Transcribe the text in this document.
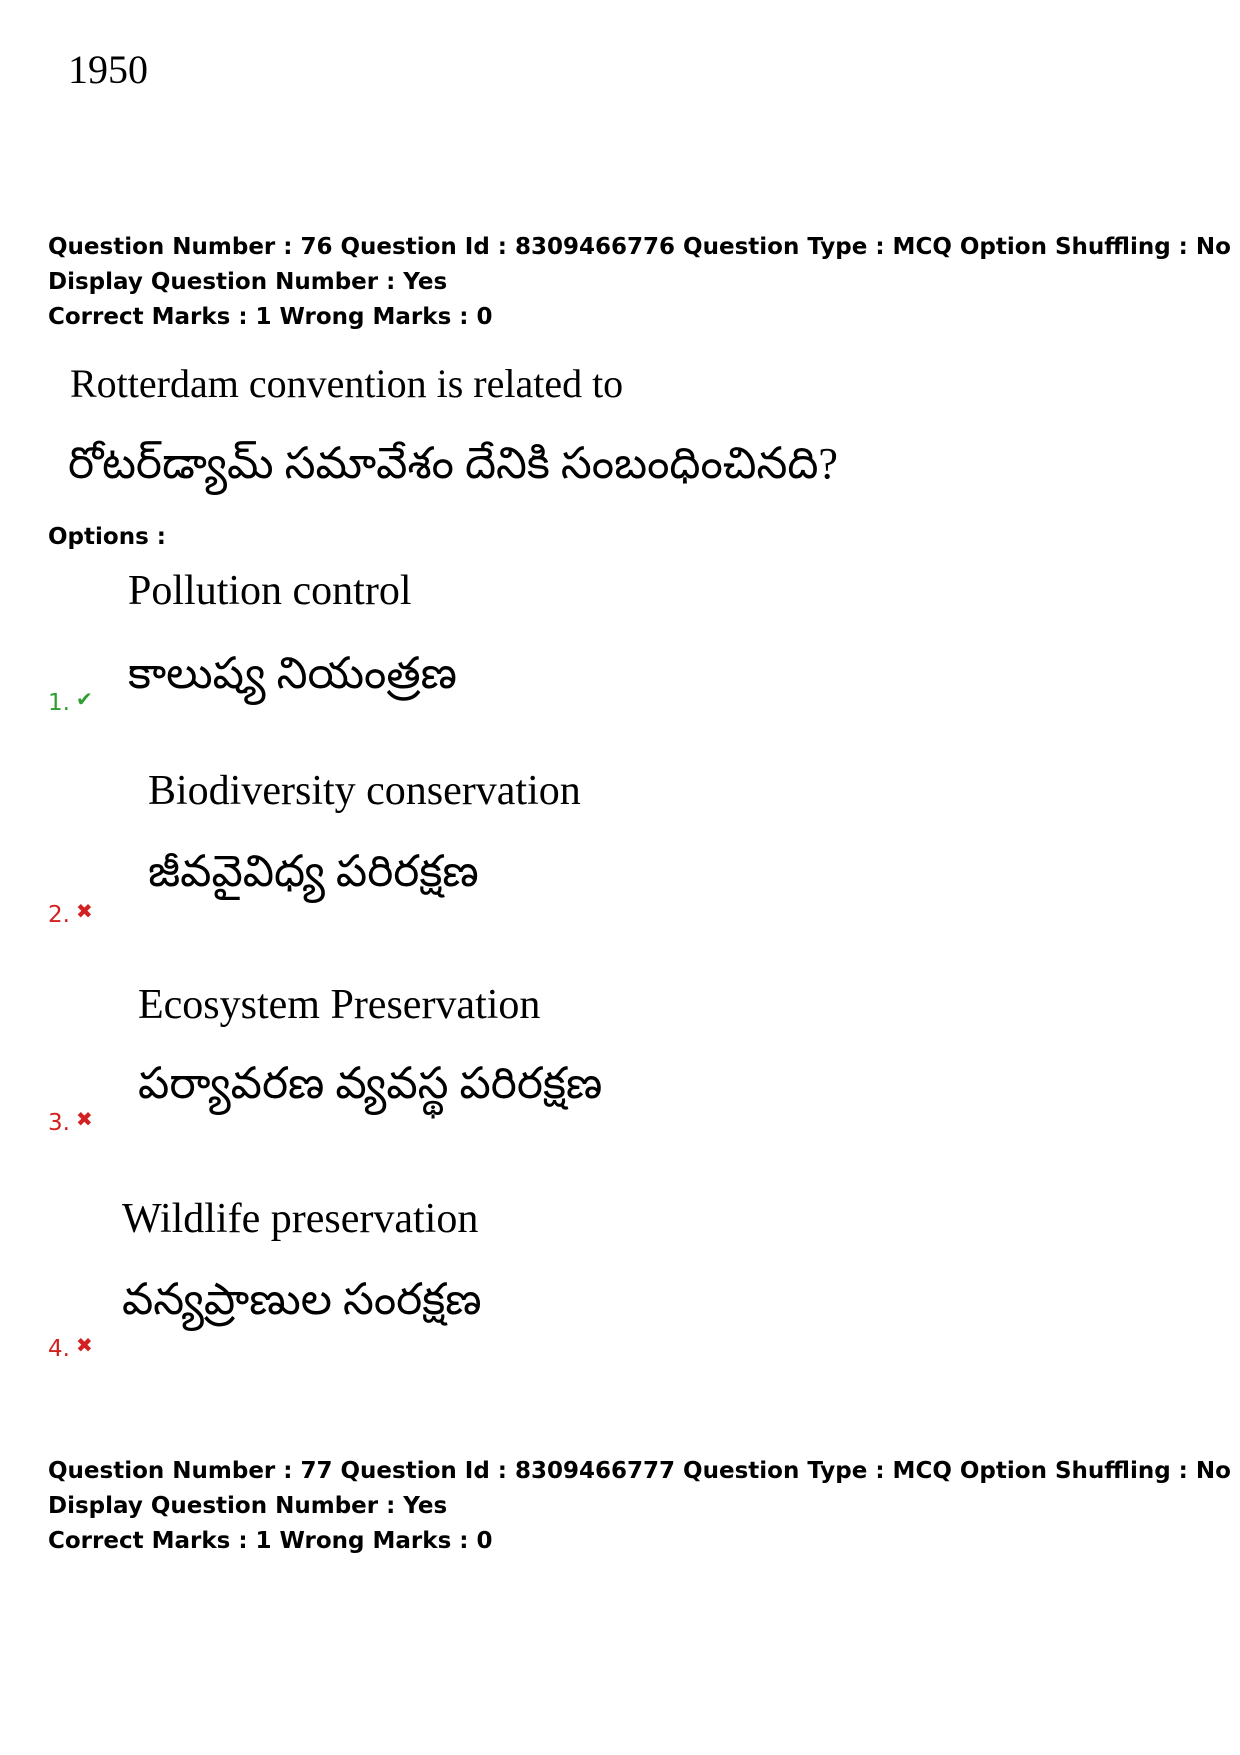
1950
Question Number : 76 Question Id : 8309466776 Question Type : MCQ Option Shuffling : No
Display Question Number : Yes
Correct Marks : 1 Wrong Marks : 0
Rotterdam convention is related to
రోటర్‌డ్యామ్ సమావేశం దేనికి సంబంధించినది?
Options :
Pollution control
కాలుష్య నియంత్రణ
1. ✔
Biodiversity conservation
జీవవైవిధ్య పరిరక్షణ
2. ✖
Ecosystem Preservation
పర్యావరణ వ్యవస్థ పరిరక్షణ
3. ✖
Wildlife preservation
వన్యప్రాణుల సంరక్షణ
4. ✖
Question Number : 77 Question Id : 8309466777 Question Type : MCQ Option Shuffling : No
Display Question Number : Yes
Correct Marks : 1 Wrong Marks : 0
